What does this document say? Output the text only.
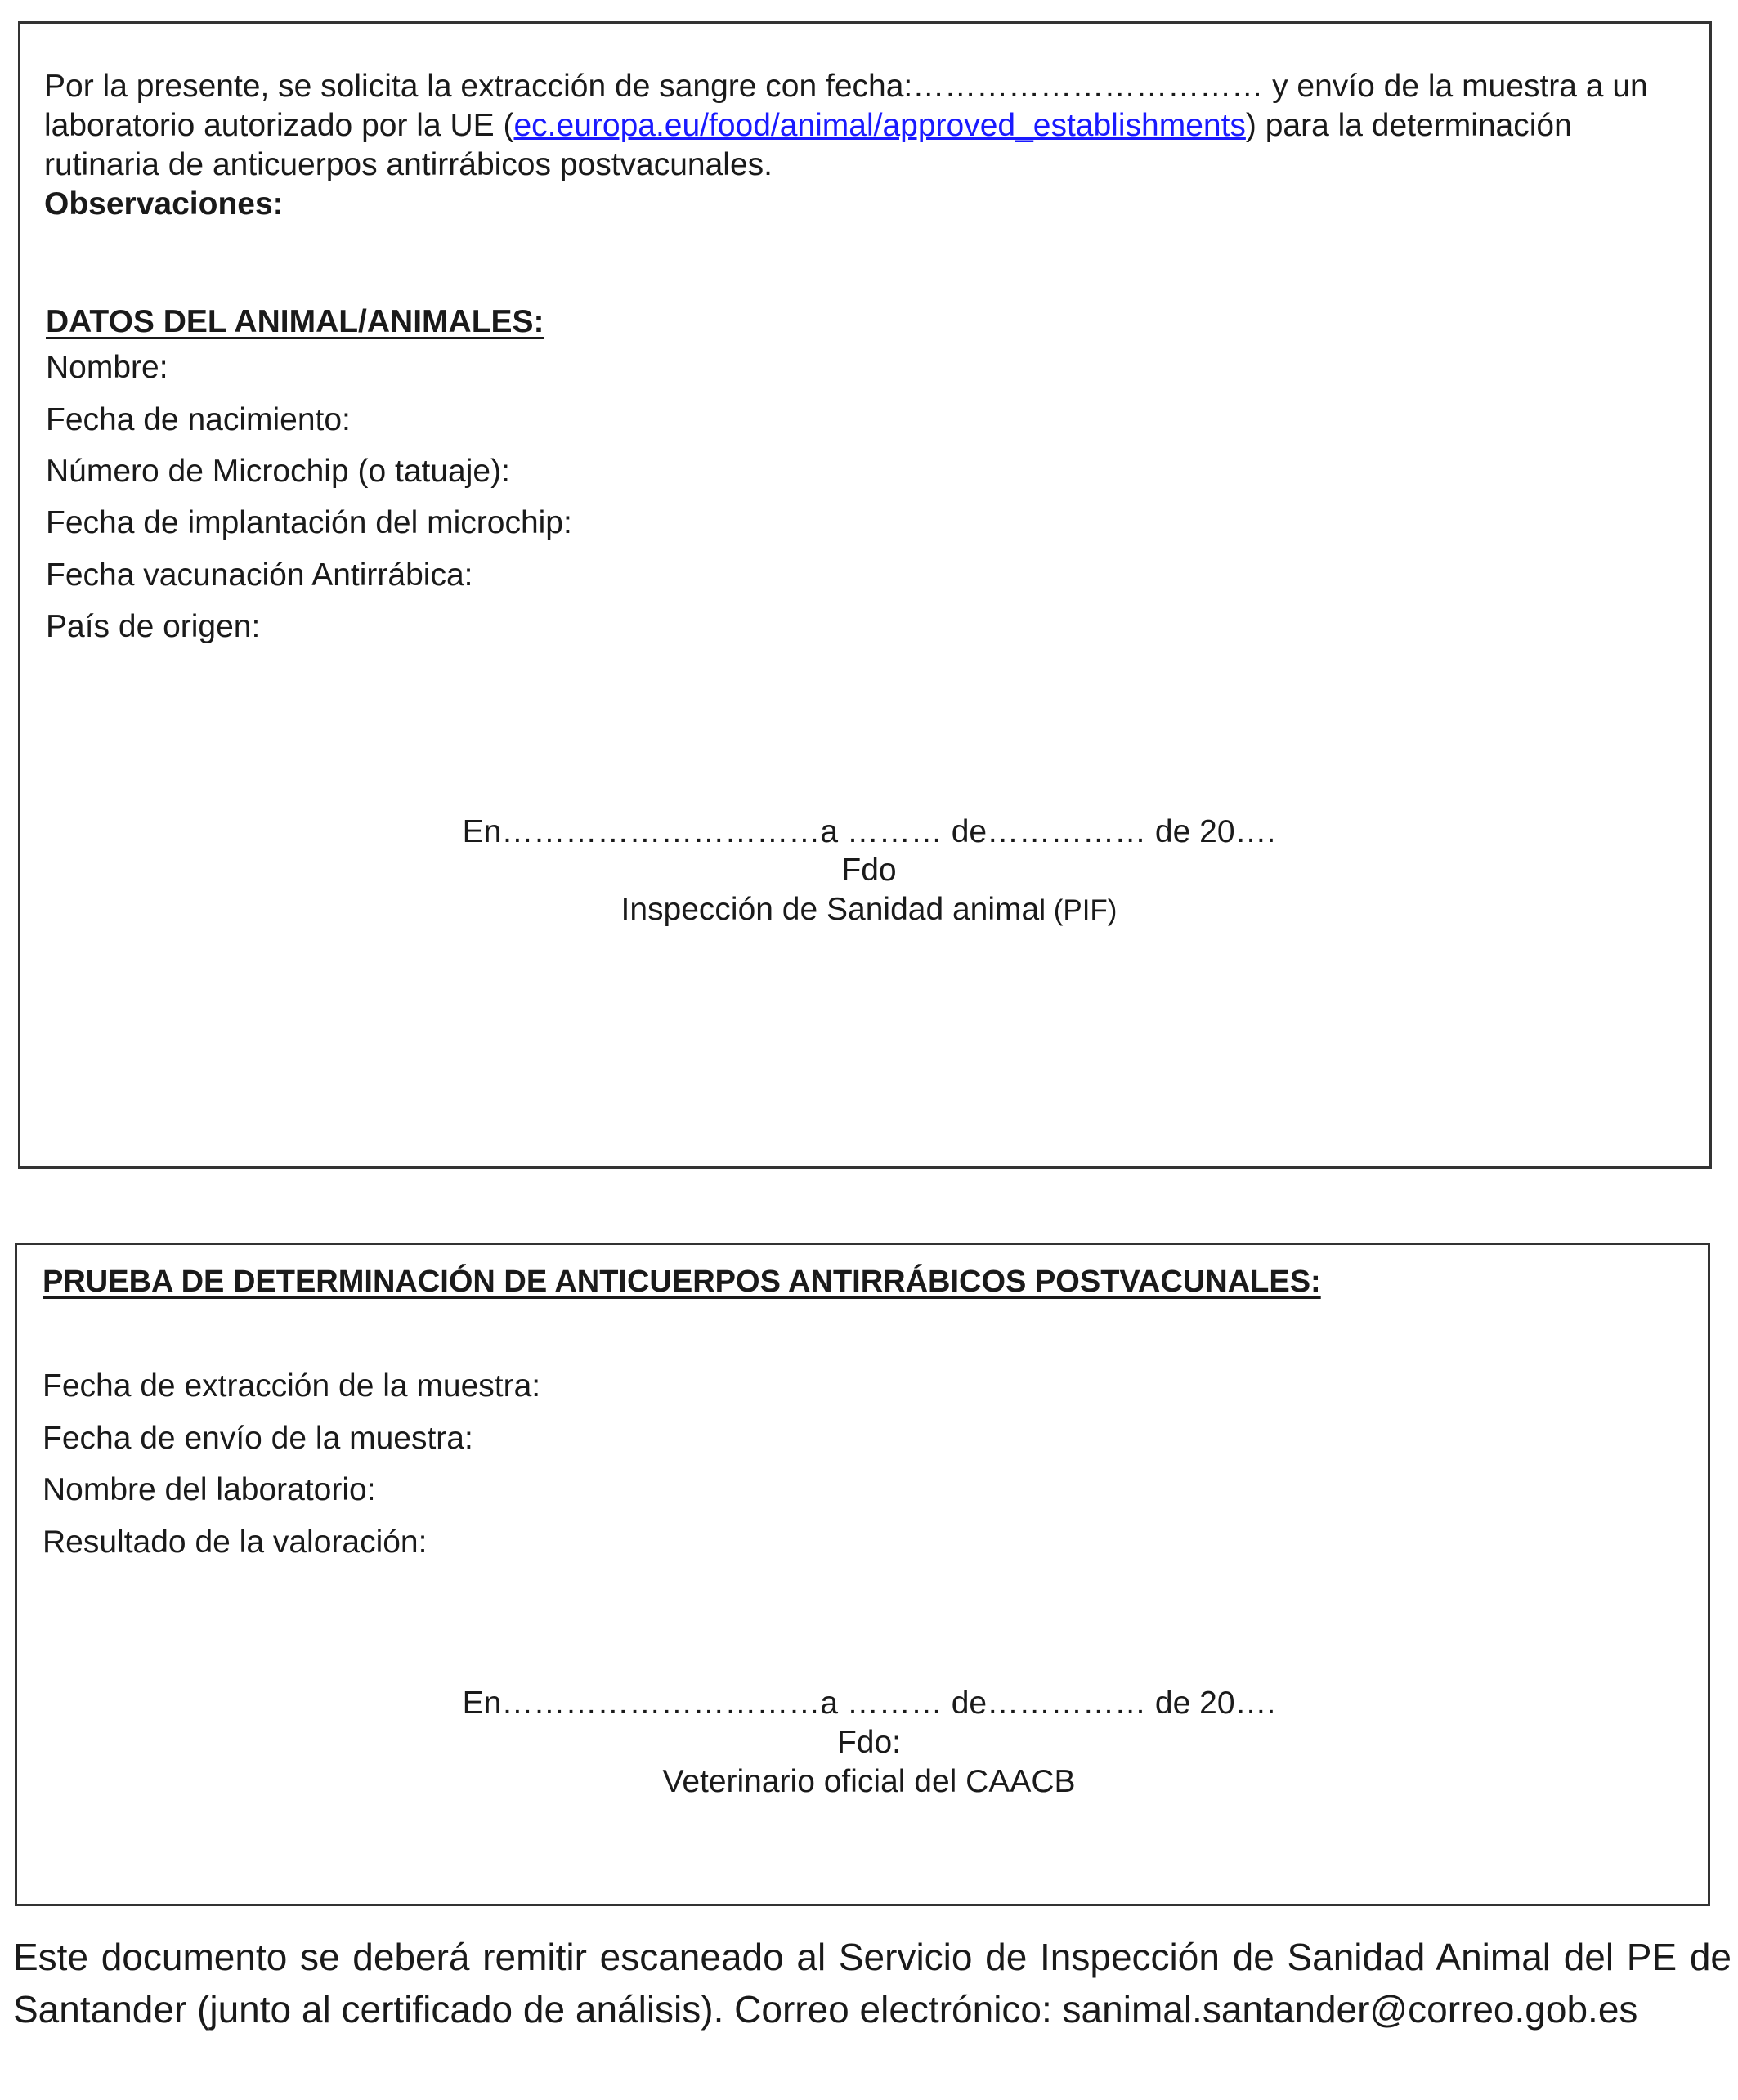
Por la presente, se solicita la extracción de sangre con fecha:…………………………… y envío de la muestra a un laboratorio autorizado por la UE (ec.europa.eu/food/animal/approved_establishments) para la determinación rutinaria de anticuerpos antirrábicos postvacunales.

Observaciones:

DATOS DEL ANIMAL/ANIMALES:
Nombre:
Fecha de nacimiento:
Número de Microchip (o tatuaje):
Fecha de implantación del microchip:
Fecha vacunación Antirrábica:
País de origen:
En…………………………a ……… de…………… de 20….
Fdo
Inspección de Sanidad animal (PIF)
PRUEBA DE DETERMINACIÓN DE ANTICUERPOS ANTIRRÁBICOS POSTVACUNALES:
Fecha de extracción de la muestra:
Fecha de envío de la muestra:
Nombre del laboratorio:
Resultado de la valoración:
En…………………………a ……… de…………… de 20….
Fdo:
Veterinario oficial del CAACB
Este documento se deberá remitir escaneado al Servicio de Inspección de Sanidad Animal del PE de Santander (junto al certificado de análisis). Correo electrónico: sanimal.santander@correo.gob.es
